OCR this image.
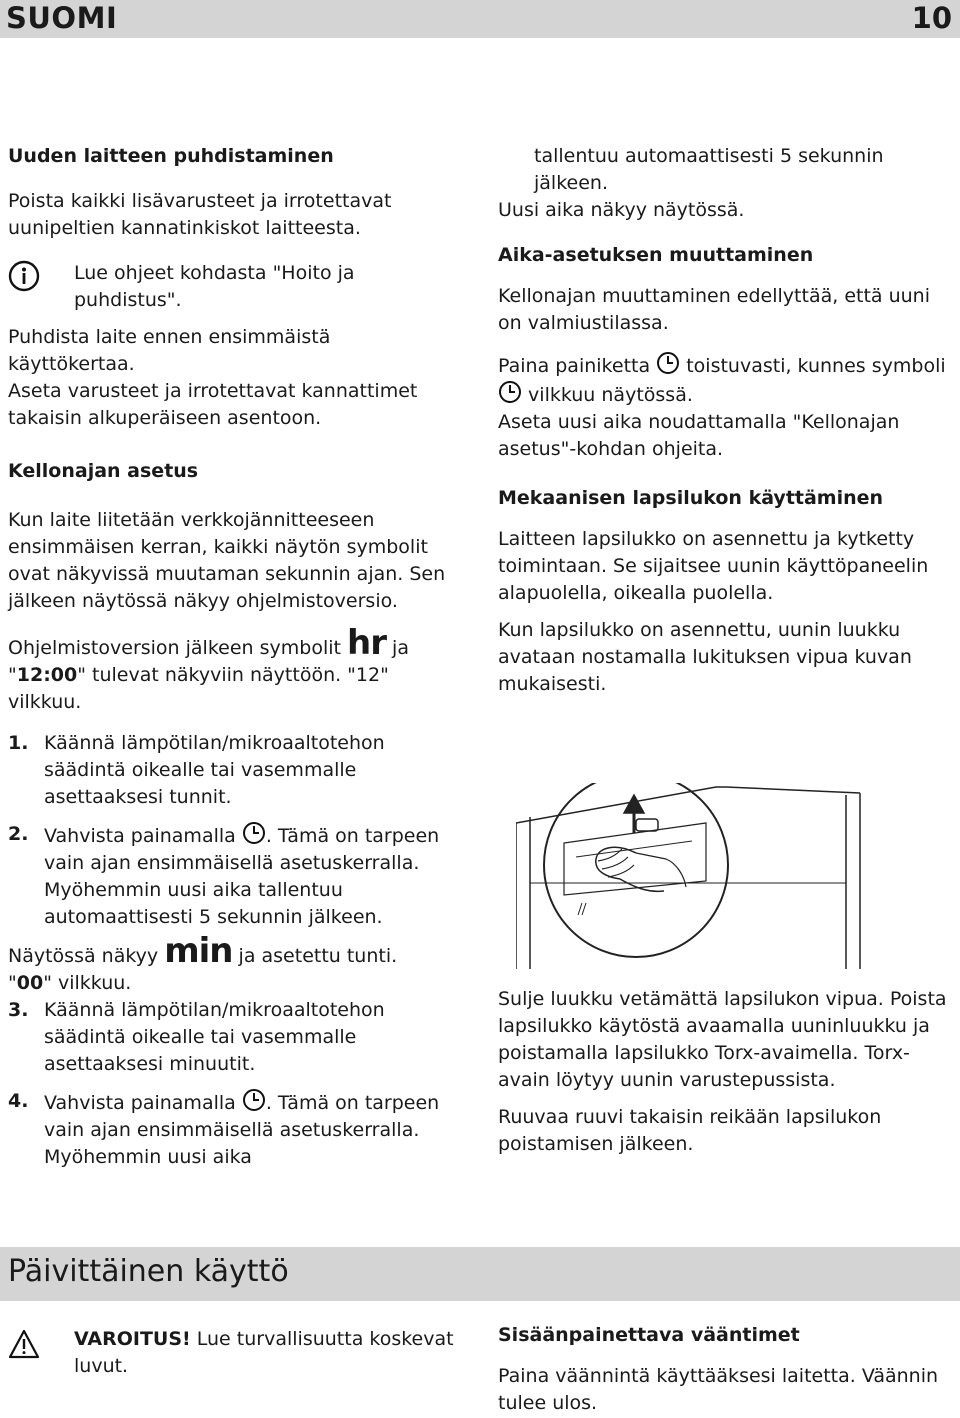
SUOMI	10
Uuden laitteen puhdistaminen

Poista kaikki lisävarusteet ja irrotettavat uunipeltien kannatinkiskot laitteesta.

Lue ohjeet kohdasta "Hoito ja puhdistus".

Puhdista laite ennen ensimmäistä käyttökertaa.

Aseta varusteet ja irrotettavat kannattimet takaisin alkuperäiseen asentoon.

Kellonajan asetus

Kun laite liitetään verkkojännitteeseen ensimmäisen kerran, kaikki näytön symbolit ovat näkyvissä muutaman sekunnin ajan. Sen jälkeen näytössä näkyy ohjelmistoversio.

Ohjelmistoversion jälkeen symbolit hr ja
"12:00" tulevat näkyviin näyttöön. "12" vilkkuu.

1. Käännä lämpötilan/mikroaaltotehon säädintä oikealle tai vasemmalle asettaaksesi tunnit.
2. Vahvista painamalla . Tämä on tarpeen vain ajan ensimmäisellä asetuskerralla. Myöhemmin uusi aika tallentuu automaattisesti 5 sekunnin jälkeen.

Näytössä näkyy min ja asetettu tunti.
"00" vilkkuu.

3. Käännä lämpötilan/mikroaaltotehon säädintä oikealle tai vasemmalle asettaaksesi minuutit.
4. Vahvista painamalla . Tämä on tarpeen vain ajan ensimmäisellä asetuskerralla. Myöhemmin uusi aika

tallentuu automaattisesti 5 sekunnin jälkeen.

Uusi aika näkyy näytössä.

Aika-asetuksen muuttaminen

Kellonajan muuttaminen edellyttää, että uuni on valmiustilassa.

Paina painiketta toistuvasti, kunnes symboli  vilkkuu näytössä.

Aseta uusi aika noudattamalla "Kellonajan asetus"-kohdan ohjeita.

Mekaanisen lapsilukon käyttäminen

Laitteen lapsilukko on asennettu ja kytketty toimintaan. Se sijaitsee uunin käyttöpaneelin alapuolella, oikealla puolella.

Kun lapsilukko on asennettu, uunin luukku avataan nostamalla lukituksen vipua kuvan mukaisesti.

Sulje luukku vetämättä lapsilukon vipua. Poista lapsilukko käytöstä avaamalla uuninluukku ja poistamalla lapsilukko Torx-avaimella. Torx-avain löytyy uunin varustepussista.

Ruuvaa ruuvi takaisin reikään lapsilukon poistamisen jälkeen.

Päivittäinen käyttö

VAROITUS! Lue turvallisuutta koskevat luvut.

Sisäänpainettava vääntimet

Paina väännintä käyttääksesi laitetta. Väännin tulee ulos.
